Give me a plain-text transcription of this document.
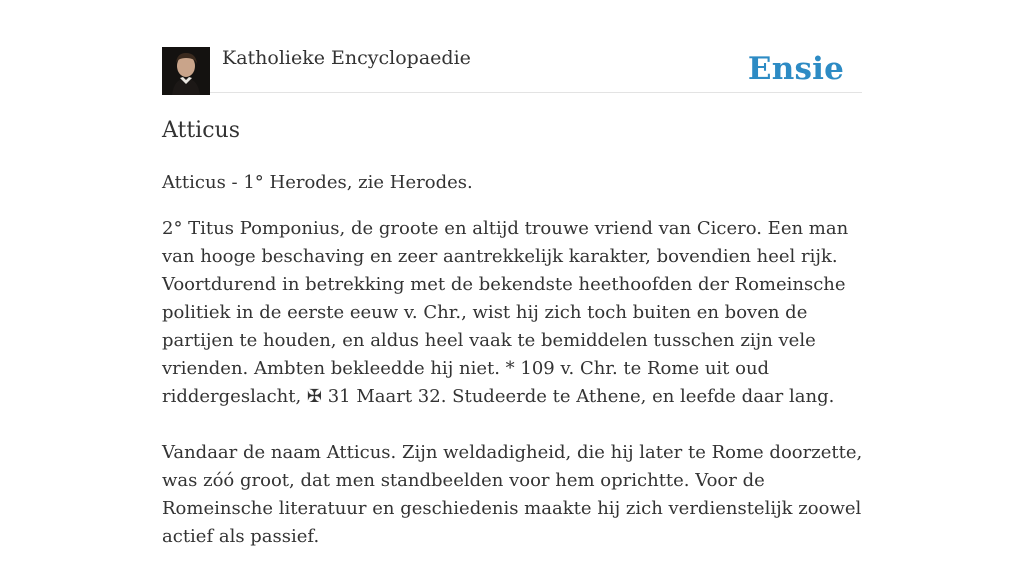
Katholieke Encyclopaedie	Ensie
Atticus

Atticus - 1° Herodes, zie Herodes.

2° Titus Pomponius, de groote en altijd trouwe vriend van Cicero. Een man van hooge beschaving en zeer aantrekkelijk karakter, bovendien heel rijk. Voortdurend in betrekking met de bekendste heethoofden der Romeinsche politiek in de eerste eeuw v. Chr., wist hij zich toch buiten en boven de partijen te houden, en aldus heel vaak te bemiddelen tusschen zijn vele vrienden. Ambten bekleedde hij niet. * 109 v. Chr. te Rome uit oud riddergeslacht, ✠ 31 Maart 32. Studeerde te Athene, en leefde daar lang.

Vandaar de naam Atticus. Zijn weldadigheid, die hij later te Rome doorzette, was zóó groot, dat men standbeelden voor hem oprichtte. Voor de Romeinsche literatuur en geschiedenis maakte hij zich verdienstelijk zoowel actief als passief.
